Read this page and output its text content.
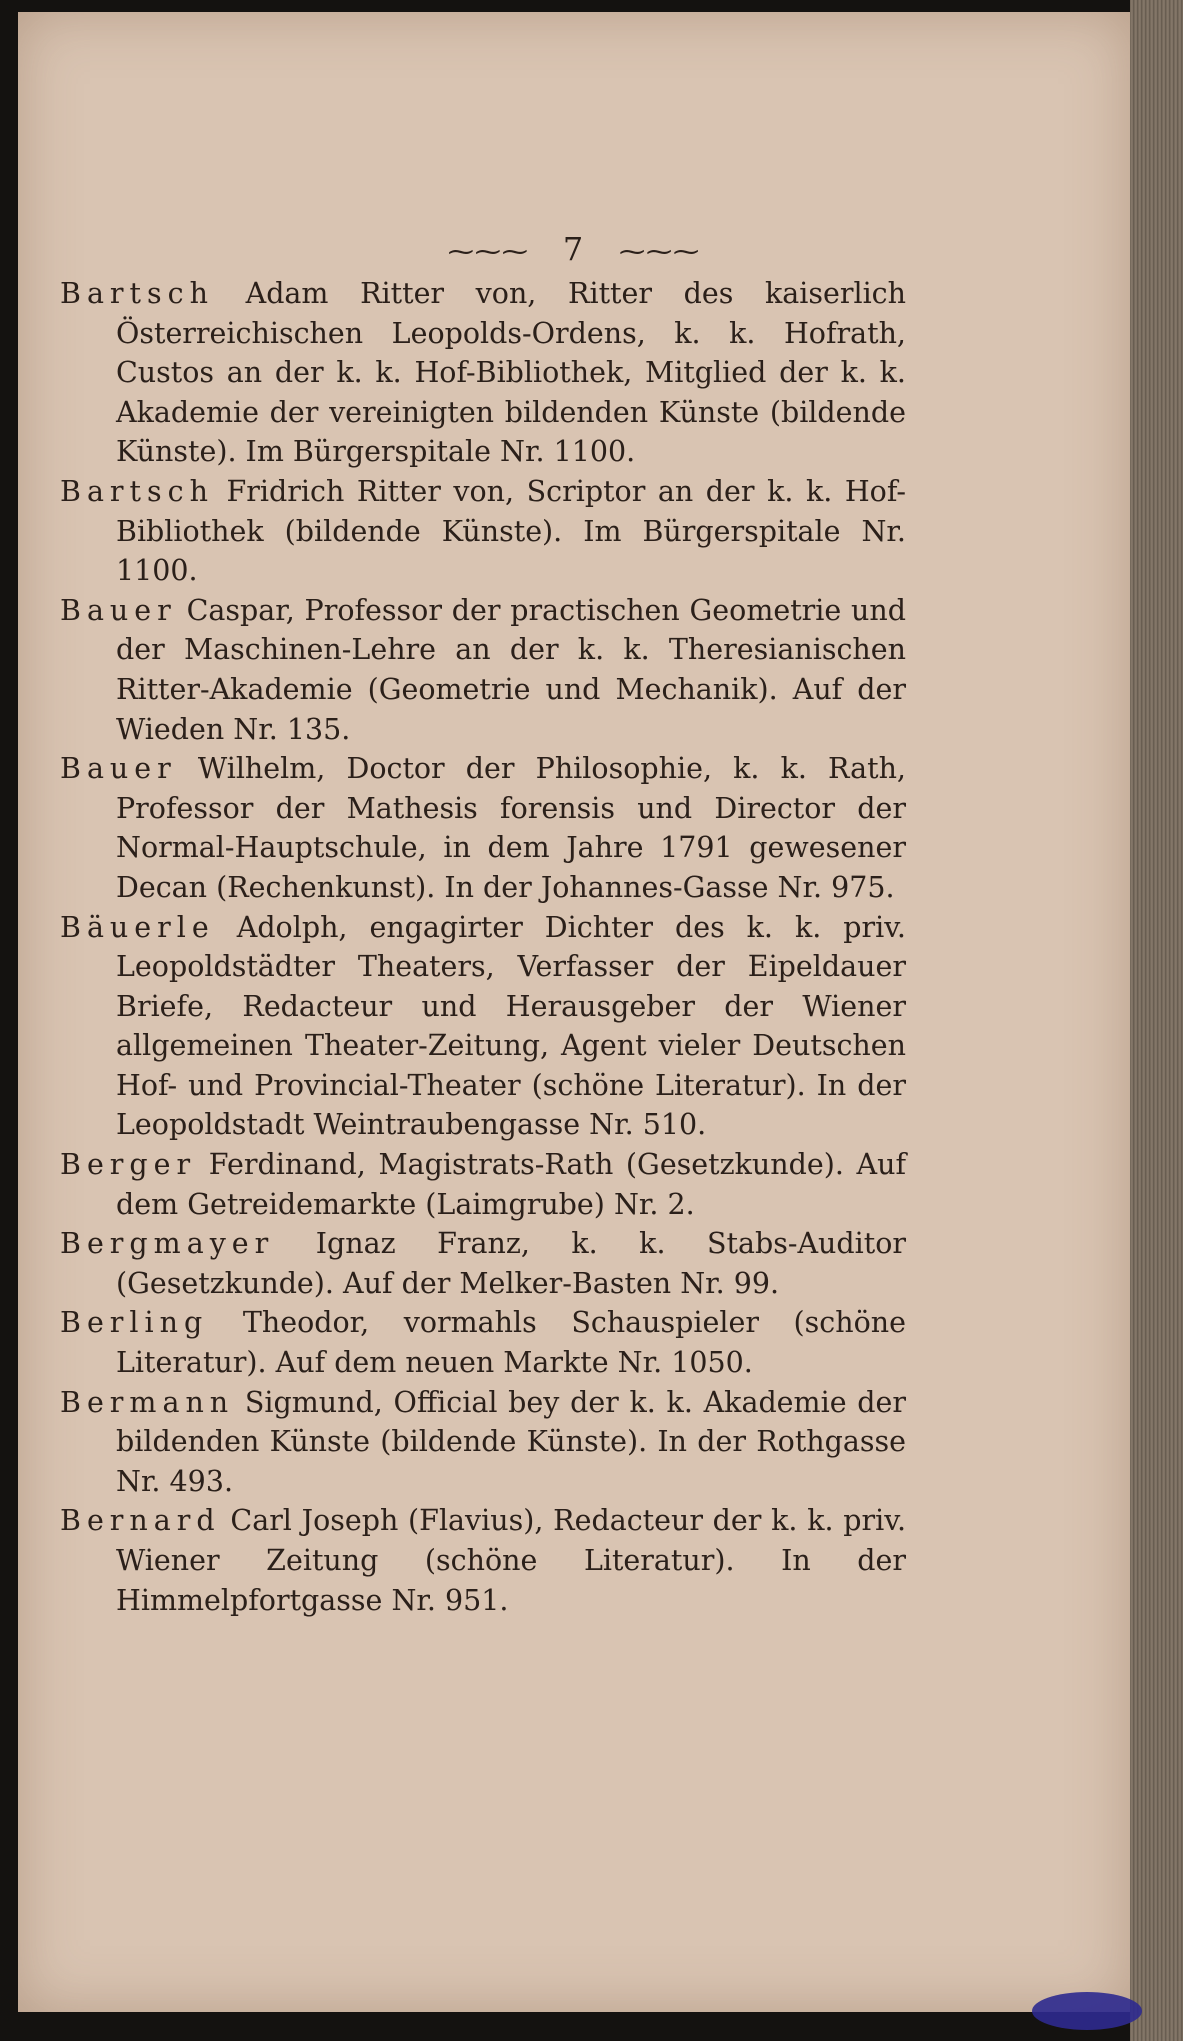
⁓⁓⁓ 7 ⁓⁓⁓

Bartsch Adam Ritter von, Ritter des kaiserlich Österreichischen Leopolds-Ordens, k. k. Hofrath, Custos an der k. k. Hof-Bibliothek, Mitglied der k. k. Akademie der vereinigten bildenden Künste (bildende Künste). Im Bürgerspitale Nr. 1100.

Bartsch Fridrich Ritter von, Scriptor an der k. k. Hof-Bibliothek (bildende Künste). Im Bürgerspitale Nr. 1100.

Bauer Caspar, Professor der practischen Geometrie und der Maschinen-Lehre an der k. k. Theresianischen Ritter-Akademie (Geometrie und Mechanik). Auf der Wieden Nr. 135.

Bauer Wilhelm, Doctor der Philosophie, k. k. Rath, Professor der Mathesis forensis und Director der Normal-Hauptschule, in dem Jahre 1791 gewesener Decan (Rechenkunst). In der Johannes-Gasse Nr. 975.

Bäuerle Adolph, engagirter Dichter des k. k. priv. Leopoldstädter Theaters, Verfasser der Eipeldauer Briefe, Redacteur und Herausgeber der Wiener allgemeinen Theater-Zeitung, Agent vieler Deutschen Hof- und Provincial-Theater (schöne Literatur). In der Leopoldstadt Weintraubengasse Nr. 510.

Berger Ferdinand, Magistrats-Rath (Gesetzkunde). Auf dem Getreidemarkte (Laimgrube) Nr. 2.

Bergmayer Ignaz Franz, k. k. Stabs-Auditor (Gesetzkunde). Auf der Melker-Basten Nr. 99.

Berling Theodor, vormahls Schauspieler (schöne Literatur). Auf dem neuen Markte Nr. 1050.

Bermann Sigmund, Official bey der k. k. Akademie der bildenden Künste (bildende Künste). In der Rothgasse Nr. 493.

Bernard Carl Joseph (Flavius), Redacteur der k. k. priv. Wiener Zeitung (schöne Literatur). In der Himmelpfortgasse Nr. 951.
